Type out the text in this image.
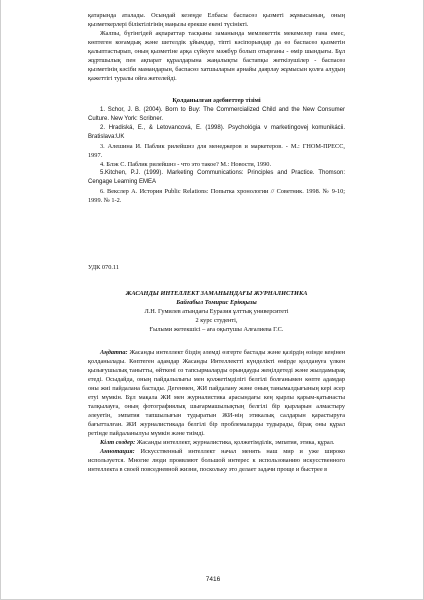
қатарында аталады. Осындай кезеңде Елбасы баспасөз қызметі жұмысының, оның қызметкерлері біліктілігінің маңызы ерекше екені түсінікті.

Жалпы, бүгінгідей ақпараттар тасқыны заманында мемлекеттік мекемелер ғана емес, көптеген коғамдық және шетелдік ұйымдар, тіпті кәсіпорындар да өз баспасөз қызметін қалыптастырып, оның қызметіне арқа сүйеуге мәжбүр болып отырғаны - өмір шындығы. Бұл жұртшылық пен ақпарат құралдарына жаңалықты бастапқы жеткізушілер - баспасөз қызметінің кәсіби мамандарын, баспасөз хатшыларын арнайы даярлау жұмысын қолға алудың қажеттігі туралы ойға жетелейді.

Қолданылған әдебиеттер тізімі

1. Schor, J. B. (2004). Born to Buy: The Commercialized Child and the New Consumer Culture. New York: Scribner.

2. Hradiská, E., & Letovancová, E. (1998). Psychológia v marketingovej komunikácii. Bratislava:UK

3. Алешина И. Паблик рилейшнз для менеджеров и маркетеров. - М.: ГНОМ-ПРЕСС, 1997.

4. Блэк С. Паблик рилейшнз - что это такое? М.: Новости, 1990.

5.Kitchen, P.J. (1999). Marketing Communications: Principles and Practice. Thomson: Cengage Learning EMEA

6. Векслер А. История Public Relations: Попытка хронологии // Советник. 1998. № 9-10; 1999. № 1-2.

УДК 070.11

ЖАСАНДЫ ИНТЕЛЛЕКТ ЗАМАНЫНДАҒЫ ЖУРНАЛИСТИКА

Байғабыл Томирис Ерікқызы

Л.Н. Гумилев атындағы Еуразия ұлттық университеті

2 курс студенті,

Ғылыми жетекшісі – аға оқытушы Алғалиева Г.С.

Аңдатпа: Жасанды интеллект біздің әлемді өзгерте бастады және қазірдің өзінде кеңінен қолданылады. Көптеген адамдар Жасанды Интеллектті күнделікті өмірде қолдануға үлкен қызығушылық танытты, өйткені оз тапсырмаларды орындауды жеңілдетеді және жылдамырақ етеді. Осыдайда, оның пайдалылығы мен қолжетімділігі белгілі болғанымен көпте адамдар оны жиі пайдалана бастады. Дегенмен, ЖИ пайдалану және оның танымалдығының кері әсер етуі мүмкін. Бұл мақала ЖИ мен журналистика арасындағы кең қырлы қарым-қатынасты талқылауға, оның фотографиялық шығармашылықтың белгілі бір қырларын алмастыру әлеуетін, эмпатия тапшылығын тудыратын ЖИ-нің этикалық салдарын қарастыруға бағытталған. ЖИ журналистикада белгілі бір проблемаларды тудырады, бірақ оны құрал ретінде пайдаланылуы мүмкін және тиімді.

Кілт сөздер: Жасанды интеллект, журналистика, қолжетімділік, эмпатия, этика, құрал.

Аннотация: Искусственный интеллект начал менять наш мир и уже широко используется. Многие люди проявляют большой интерес к использованию искусственного интеллекта в своей повседневной жизни, поскольку это делает задачи проще и быстрее в

7416
